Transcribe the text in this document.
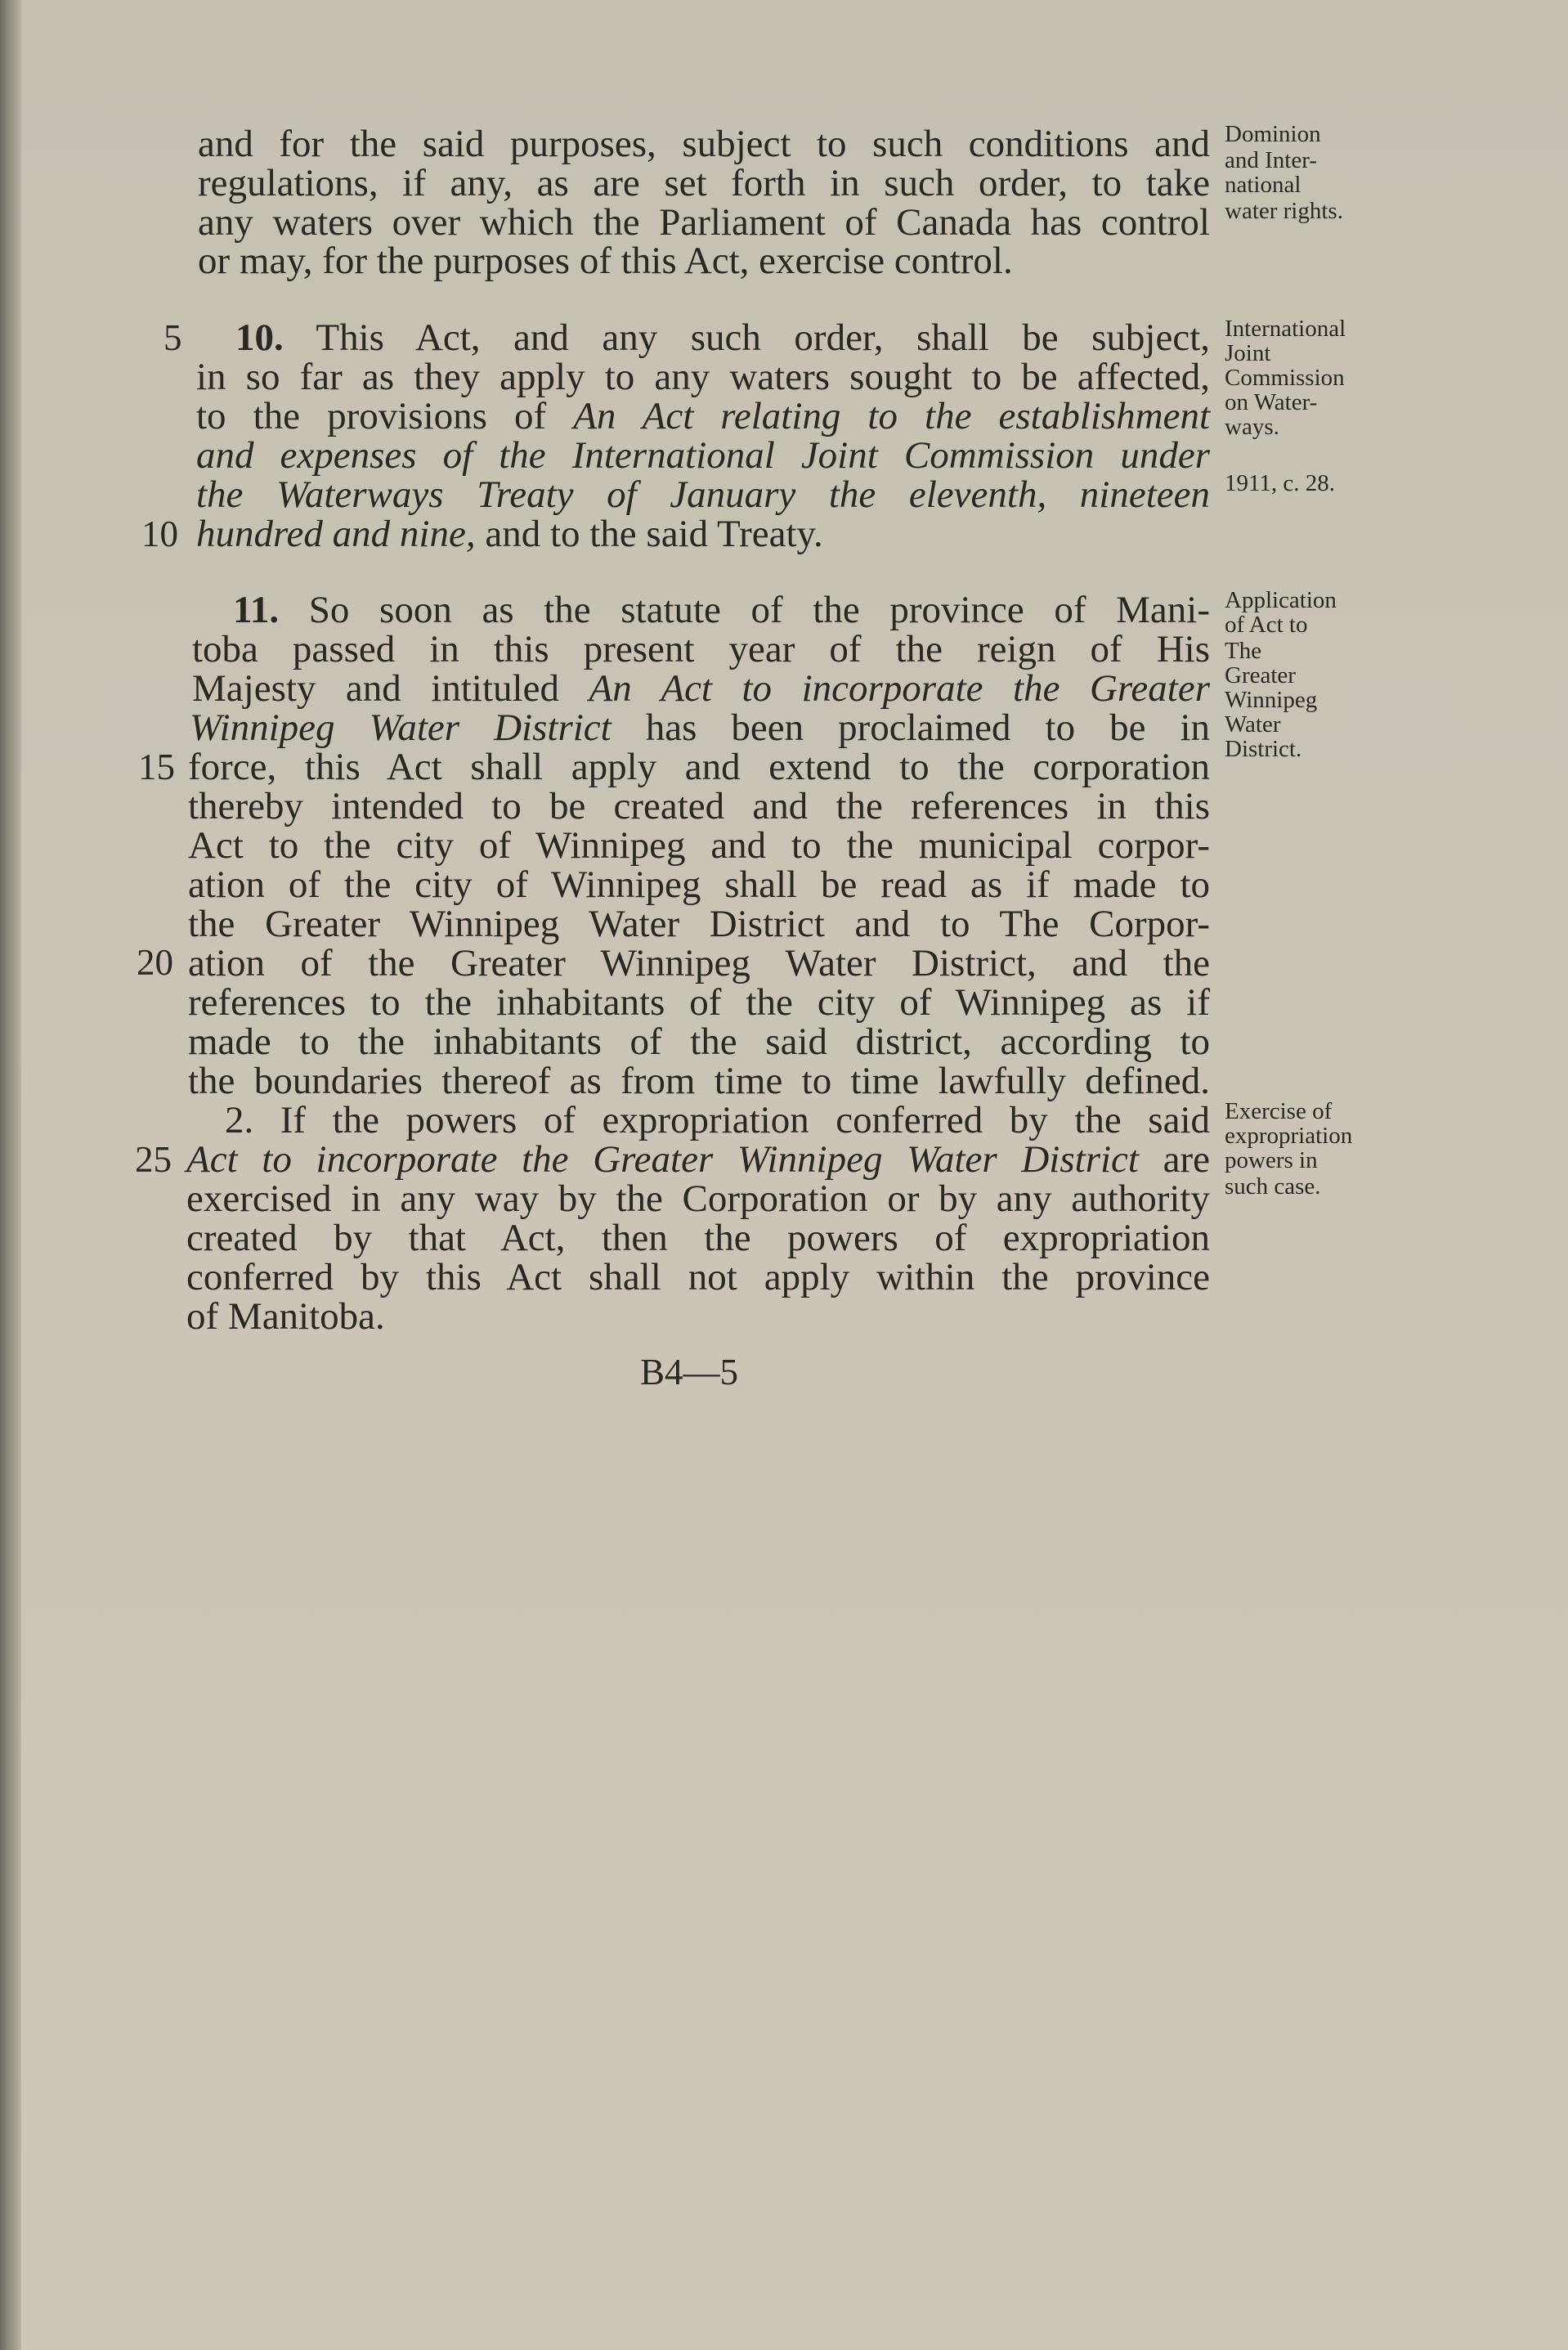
and for the said purposes, subject to such conditions and
regulations, if any, as are set forth in such order, to take
any waters over which the Parliament of Canada has control
or may, for the purposes of this Act, exercise control.
10. This Act, and any such order, shall be subject,
in so far as they apply to any waters sought to be affected,
to the provisions of An Act relating to the establishment
and expenses of the International Joint Commission under
the Waterways Treaty of January the eleventh, nineteen
hundred and nine, and to the said Treaty.
11. So soon as the statute of the province of Mani-
toba passed in this present year of the reign of His
Majesty and intituled An Act to incorporate the Greater
Winnipeg Water District has been proclaimed to be in
force, this Act shall apply and extend to the corporation
thereby intended to be created and the references in this
Act to the city of Winnipeg and to the municipal corpor-
ation of the city of Winnipeg shall be read as if made to
the Greater Winnipeg Water District and to The Corpor-
ation of the Greater Winnipeg Water District, and the
references to the inhabitants of the city of Winnipeg as if
made to the inhabitants of the said district, according to
the boundaries thereof as from time to time lawfully defined.
2. If the powers of expropriation conferred by the said
Act to incorporate the Greater Winnipeg Water District are
exercised in any way by the Corporation or by any authority
created by that Act, then the powers of expropriation
conferred by this Act shall not apply within the province
of Manitoba.
5
10
15
20
25
Dominion
and Inter-
national
water rights.
International
Joint
Commission
on Water-
ways.
1911, c. 28.
Application
of Act to
The
Greater
Winnipeg
Water
District.
Exercise of
expropriation
powers in
such case.
B4—5
